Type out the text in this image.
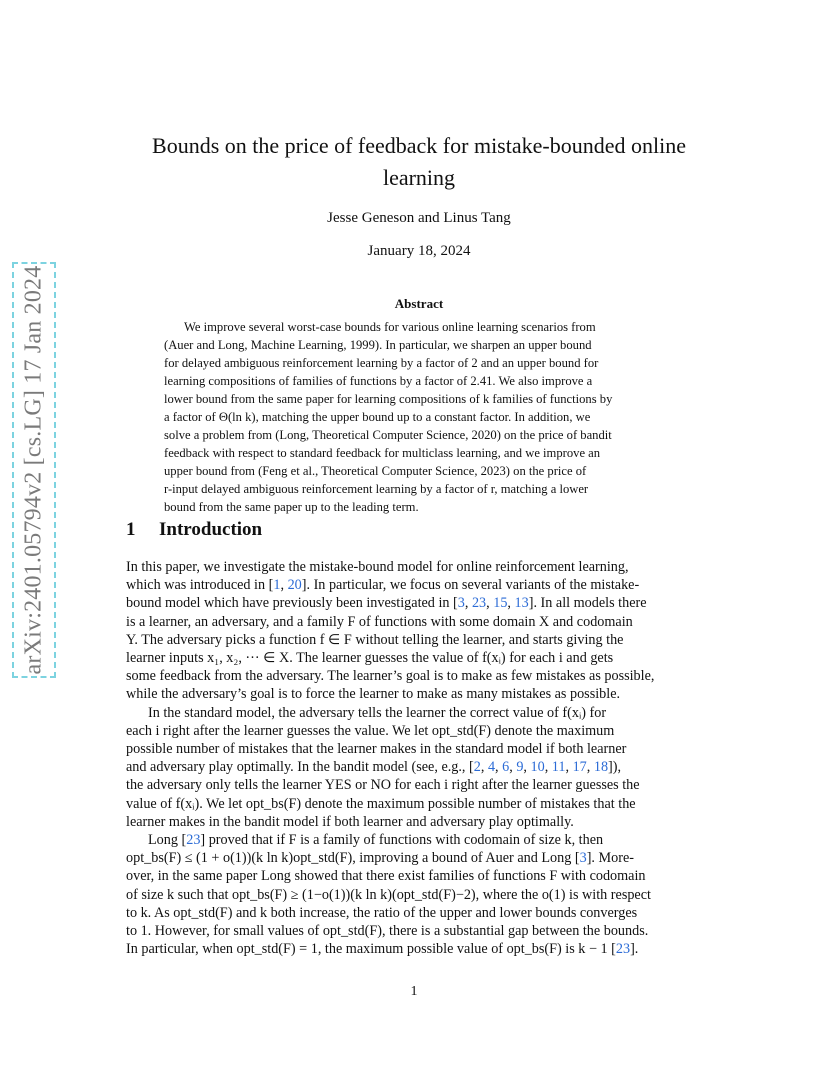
arXiv:2401.05794v2 [cs.LG] 17 Jan 2024
Bounds on the price of feedback for mistake-bounded online
learning
Jesse Geneson and Linus Tang
January 18, 2024
Abstract
We improve several worst-case bounds for various online learning scenarios from
(Auer and Long, Machine Learning, 1999). In particular, we sharpen an upper bound
for delayed ambiguous reinforcement learning by a factor of 2 and an upper bound for
learning compositions of families of functions by a factor of 2.41. We also improve a
lower bound from the same paper for learning compositions of k families of functions by
a factor of Θ(ln k), matching the upper bound up to a constant factor. In addition, we
solve a problem from (Long, Theoretical Computer Science, 2020) on the price of bandit
feedback with respect to standard feedback for multiclass learning, and we improve an
upper bound from (Feng et al., Theoretical Computer Science, 2023) on the price of
r-input delayed ambiguous reinforcement learning by a factor of r, matching a lower
bound from the same paper up to the leading term.
1 Introduction

In this paper, we investigate the mistake-bound model for online reinforcement learning,
which was introduced in [1, 20]. In particular, we focus on several variants of the mistake-
bound model which have previously been investigated in [3, 23, 15, 13]. In all models there
is a learner, an adversary, and a family F of functions with some domain X and codomain
Y. The adversary picks a function f ∈ F without telling the learner, and starts giving the
learner inputs x₁, x₂, ··· ∈ X. The learner guesses the value of f(xᵢ) for each i and gets
some feedback from the adversary. The learner’s goal is to make as few mistakes as possible,
while the adversary’s goal is to force the learner to make as many mistakes as possible.

In the standard model, the adversary tells the learner the correct value of f(xᵢ) for
each i right after the learner guesses the value. We let opt_std(F) denote the maximum
possible number of mistakes that the learner makes in the standard model if both learner
and adversary play optimally. In the bandit model (see, e.g., [2, 4, 6, 9, 10, 11, 17, 18]),
the adversary only tells the learner YES or NO for each i right after the learner guesses the
value of f(xᵢ). We let opt_bs(F) denote the maximum possible number of mistakes that the
learner makes in the bandit model if both learner and adversary play optimally.

Long [23] proved that if F is a family of functions with codomain of size k, then
opt_bs(F) ≤ (1 + o(1))(k ln k)opt_std(F), improving a bound of Auer and Long [3]. More-
over, in the same paper Long showed that there exist families of functions F with codomain
of size k such that opt_bs(F) ≥ (1−o(1))(k ln k)(opt_std(F)−2), where the o(1) is with respect
to k. As opt_std(F) and k both increase, the ratio of the upper and lower bounds converges
to 1. However, for small values of opt_std(F), there is a substantial gap between the bounds.
In particular, when opt_std(F) = 1, the maximum possible value of opt_bs(F) is k − 1 [23].

1
